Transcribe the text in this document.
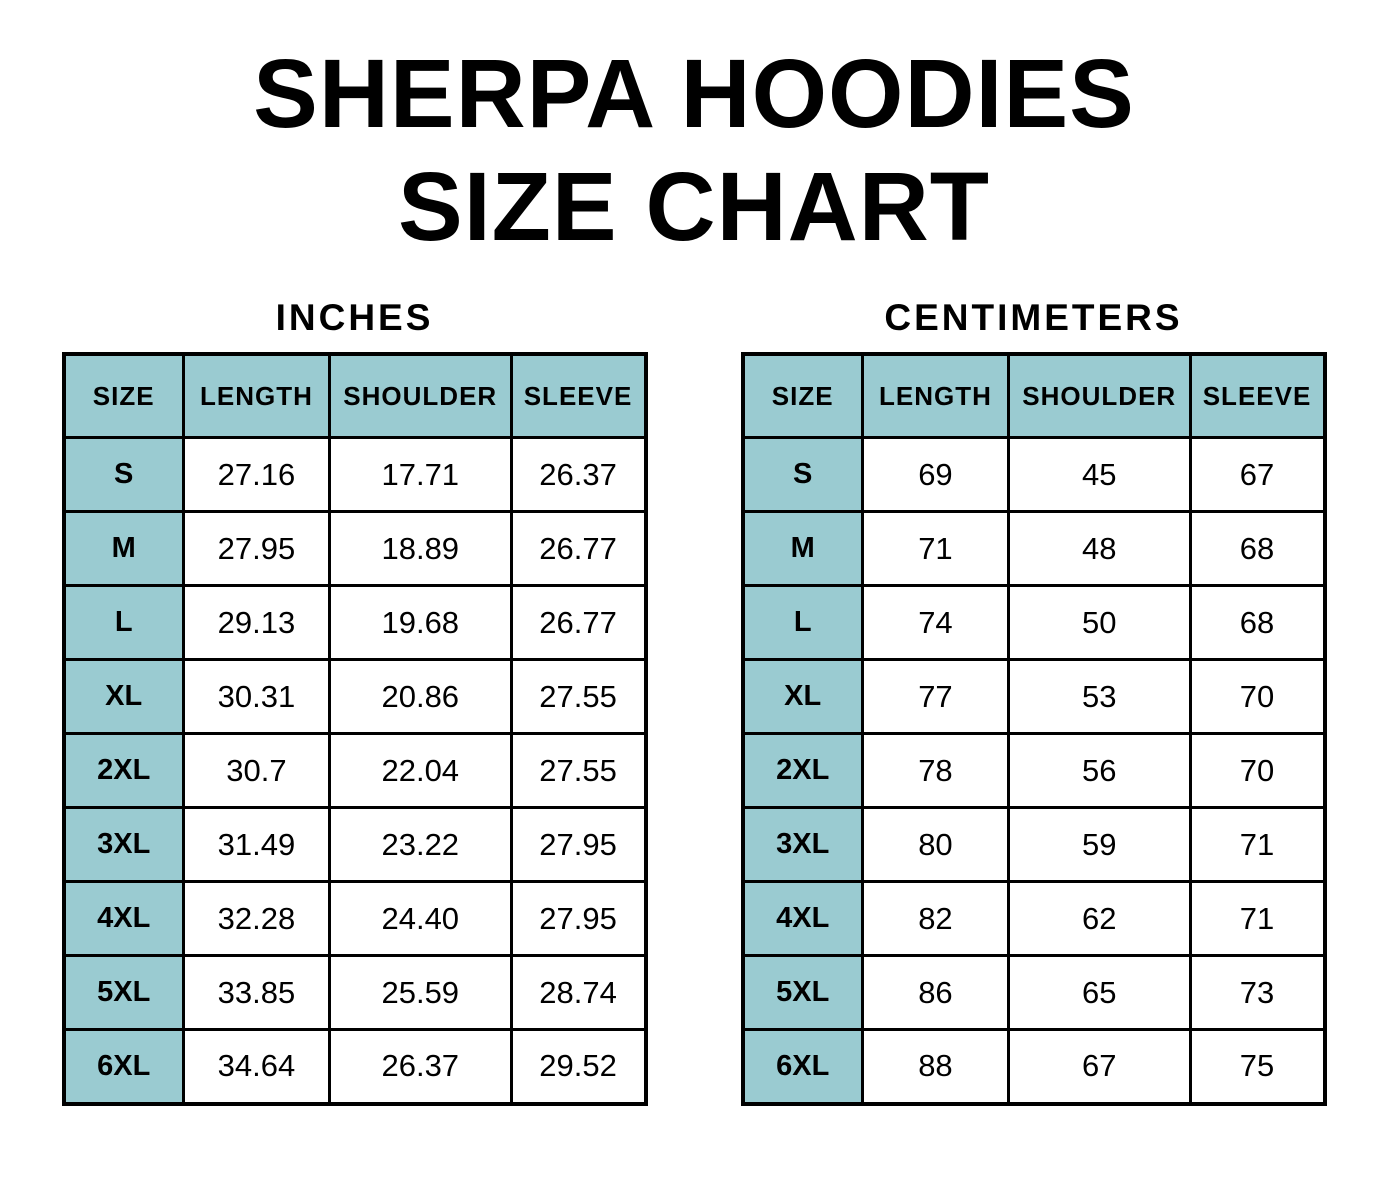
SHERPA HOODIES
SIZE CHART
INCHES
SIZE	LENGTH	SHOULDER	SLEEVE
S	27.16	17.71	26.37
M	27.95	18.89	26.77
L	29.13	19.68	26.77
XL	30.31	20.86	27.55
2XL	30.7	22.04	27.55
3XL	31.49	23.22	27.95
4XL	32.28	24.40	27.95
5XL	33.85	25.59	28.74
6XL	34.64	26.37	29.52
CENTIMETERS
SIZE	LENGTH	SHOULDER	SLEEVE
S	69	45	67
M	71	48	68
L	74	50	68
XL	77	53	70
2XL	78	56	70
3XL	80	59	71
4XL	82	62	71
5XL	86	65	73
6XL	88	67	75
